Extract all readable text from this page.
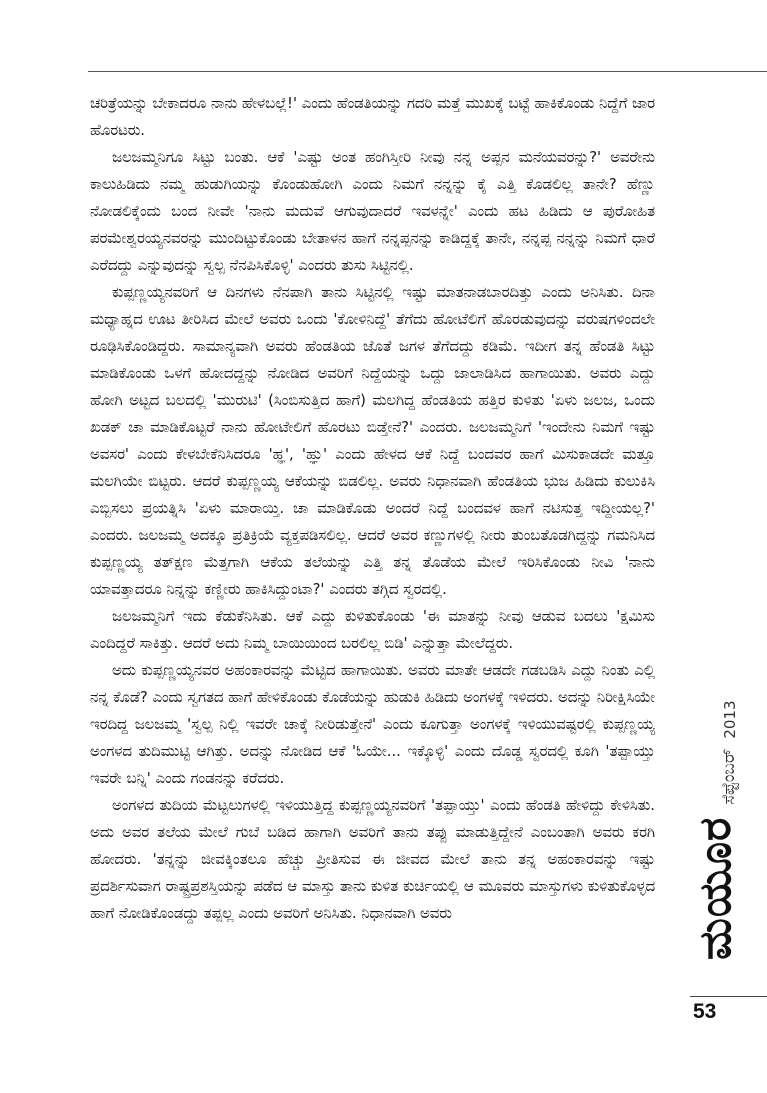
ಚರಿತ್ರೆಯನ್ನು ಬೇಕಾದರೂ ನಾನು ಹೇಳಬಲ್ಲೆ!' ಎಂದು ಹೆಂಡತಿಯನ್ನು ಗದರಿ ಮತ್ತೆ ಮುಖಕ್ಕೆ ಬಟ್ಟೆ ಹಾಕಿಕೊಂಡು ನಿದ್ದೆಗೆ ಜಾರ ಹೊರಟರು.

ಜಲಜಮ್ಮನಿಗೂ ಸಿಟ್ಟು ಬಂತು. ಆಕೆ 'ಎಷ್ಟು ಅಂತ ಹಂಗಿಸ್ತೀರಿ ನೀವು ನನ್ನ ಅಪ್ಪನ ಮನೆಯವರನ್ನು?' ಅವರೇನು ಕಾಲುಹಿಡಿದು ನಮ್ಮ ಹುಡುಗಿಯನ್ನು ಕೊಂಡುಹೋಗಿ ಎಂದು ನಿಮಗೆ ನನ್ನನ್ನು ಕೈ ಎತ್ತಿ ಕೊಡಲಿಲ್ಲ ತಾನೇ? ಹೆಣ್ಣು ನೋಡಲಿಕ್ಕೆಂದು ಬಂದ ನೀವೇ 'ನಾನು ಮದುವೆ ಆಗುವುದಾದರೆ ಇವಳನ್ನೇ' ಎಂದು ಹಟ ಹಿಡಿದು ಆ ಪುರೋಹಿತ ಪರಮೇಶ್ವರಯ್ಯನವರನ್ನು ಮುಂದಿಟ್ಟುಕೊಂಡು ಬೇತಾಳನ ಹಾಗೆ ನನ್ನಪ್ಪನನ್ನು ಕಾಡಿದ್ದಕ್ಕೆ ತಾನೇ, ನನ್ನಪ್ಪ ನನ್ನನ್ನು ನಿಮಗೆ ಧಾರೆ ಎರೆದದ್ದು ಎನ್ನುವುದನ್ನು ಸ್ವಲ್ಪ ನೆನಪಿಸಿಕೊಳ್ಳಿ' ಎಂದರು ತುಸು ಸಿಟ್ಟಿನಲ್ಲಿ.

ಕುಪ್ಪಣ್ಣಯ್ಯನವರಿಗೆ ಆ ದಿನಗಳು ನೆನಪಾಗಿ ತಾನು ಸಿಟ್ಟಿನಲ್ಲಿ ಇಷ್ಟು ಮಾತನಾಡಬಾರದಿತ್ತು ಎಂದು ಅನಿಸಿತು. ದಿನಾ ಮಧ್ಯಾಹ್ನದ ಊಟ ತೀರಿಸಿದ ಮೇಲೆ ಅವರು ಒಂದು 'ಕೋಳಿನಿದ್ದೆ' ತೆಗೆದು ಹೋಟೆಲಿಗೆ ಹೊರಡುವುದನ್ನು ವರುಷಗಳಿಂದಲೇ ರೂಢಿಸಿಕೊಂಡಿದ್ದರು. ಸಾಮಾನ್ಯವಾಗಿ ಅವರು ಹೆಂಡತಿಯ ಜೊತೆ ಜಗಳ ತೆಗೆದದ್ದು ಕಡಿಮೆ. ಇದೀಗ ತನ್ನ ಹೆಂಡತಿ ಸಿಟ್ಟು ಮಾಡಿಕೊಂಡು ಒಳಗೆ ಹೋದದ್ದನ್ನು ನೋಡಿದ ಅವರಿಗೆ ನಿದ್ದೆಯನ್ನು ಒದ್ದು ಜಾಲಾಡಿಸಿದ ಹಾಗಾಯಿತು. ಅವರು ಎದ್ದು ಹೋಗಿ ಅಟ್ಟದ ಬಲದಲ್ಲಿ 'ಮುರುಟಿ' (ಸಿಂಬಿಸುತ್ತಿದ ಹಾಗೆ) ಮಲಗಿದ್ದ ಹೆಂಡತಿಯ ಹತ್ತಿರ ಕುಳಿತು 'ಏಳು ಜಲಜ, ಒಂದು ಖಡಕ್ ಚಾ ಮಾಡಿಕೊಟ್ಟರೆ ನಾನು ಹೋಟೇಲಿಗೆ ಹೊರಟು ಬಿಡ್ತೇನೆ?' ಎಂದರು. ಜಲಜಮ್ಮನಿಗೆ 'ಇಂದೇನು ನಿಮಗೆ ಇಷ್ಟು ಅವಸರ' ಎಂದು ಕೇಳಬೇಕೆನಿಸಿದರೂ 'ಹ್ಞ', 'ಹ್ಞು' ಎಂದು ಹೇಳದ ಆಕೆ ನಿದ್ದೆ ಬಂದವರ ಹಾಗೆ ಮಿಸುಕಾಡದೇ ಮತ್ತೂ ಮಲಗಿಯೇ ಬಿಟ್ಟರು. ಆದರೆ ಕುಪ್ಪಣ್ಣಯ್ಯ ಆಕೆಯನ್ನು ಬಿಡಲಿಲ್ಲ. ಅವರು ನಿಧಾನವಾಗಿ ಹೆಂಡತಿಯ ಭುಜ ಹಿಡಿದು ಕುಲುಕಿಸಿ ಎಬ್ಬಿಸಲು ಪ್ರಯತ್ನಿಸಿ 'ಏಳು ಮಾರಾಯ್ತಿ. ಚಾ ಮಾಡಿಕೊಡು ಅಂದರೆ ನಿದ್ದೆ ಬಂದವಳ ಹಾಗೆ ನಟಿಸುತ್ತ ಇದ್ದೀಯಲ್ಲ?' ಎಂದರು. ಜಲಜಮ್ಮ ಅದಕ್ಕೂ ಪ್ರತಿಕ್ರಿಯೆ ವ್ಯಕ್ತಪಡಿಸಲಿಲ್ಲ. ಆದರೆ ಅವರ ಕಣ್ಣುಗಳಲ್ಲಿ ನೀರು ತುಂಬತೊಡಗಿದ್ದನ್ನು ಗಮನಿಸಿದ ಕುಪ್ಪಣ್ಣಯ್ಯ ತತ್‌ಕ್ಷಣ ಮೆತ್ತಗಾಗಿ ಆಕೆಯ ತಲೆಯನ್ನು ಎತ್ತಿ ತನ್ನ ತೊಡೆಯ ಮೇಲೆ ಇರಿಸಿಕೊಂಡು ನೀವಿ 'ನಾನು ಯಾವತ್ತಾದರೂ ನಿನ್ನನ್ನು ಕಣ್ಣೀರು ಹಾಕಿಸಿದ್ದುಂಟಾ?' ಎಂದರು ತಗ್ಗಿದ ಸ್ವರದಲ್ಲಿ.

ಜಲಜಮ್ಮನಿಗೆ ಇದು ಕೆಡುಕೆನಿಸಿತು. ಆಕೆ ಎದ್ದು ಕುಳಿತುಕೊಂಡು 'ಈ ಮಾತನ್ನು ನೀವು ಆಡುವ ಬದಲು 'ಕ್ಷಮಿಸು ಎಂದಿದ್ದರೆ ಸಾಕಿತ್ತು. ಆದರೆ ಅದು ನಿಮ್ಮ ಬಾಯಿಯಿಂದ ಬರಲಿಲ್ಲ ಬಿಡಿ' ಎನ್ನುತ್ತಾ ಮೇಲೆದ್ದರು.

ಅದು ಕುಪ್ಪಣ್ಣಯ್ಯನವರ ಅಹಂಕಾರವನ್ನು ಮೆಟ್ಟಿದ ಹಾಗಾಯಿತು. ಅವರು ಮಾತೇ ಆಡದೇ ಗಡಬಡಿಸಿ ಎದ್ದು ನಿಂತು ಎಲ್ಲಿ ನನ್ನ ಕೊಡೆ? ಎಂದು ಸ್ವಗತದ ಹಾಗೆ ಹೇಳಿಕೊಂಡು ಕೊಡೆಯನ್ನು ಹುಡುಕಿ ಹಿಡಿದು ಅಂಗಳಕ್ಕೆ ಇಳಿದರು. ಅದನ್ನು ನಿರೀಕ್ಷಿಸಿಯೇ ಇರದಿದ್ದ ಜಲಜಮ್ಮ 'ಸ್ವಲ್ಪ ನಿಲ್ಲಿ ಇವರೇ ಚಾಕ್ಕೆ ನೀರಿಡುತ್ತೇನೆ' ಎಂದು ಕೂಗುತ್ತಾ ಅಂಗಳಕ್ಕೆ ಇಳಿಯುವಷ್ಟರಲ್ಲಿ ಕುಪ್ಪಣ್ಣಯ್ಯ ಅಂಗಳದ ತುದಿಮುಟ್ಟಿ ಆಗಿತ್ತು. ಅದನ್ನು ನೋಡಿದ ಆಕೆ 'ಓಯೇ... ಇಕ್ಕೊಳ್ಳಿ' ಎಂದು ದೊಡ್ಡ ಸ್ವರದಲ್ಲಿ ಕೂಗಿ 'ತಪ್ಪಾಯ್ತು ಇವರೇ ಬನ್ನಿ' ಎಂದು ಗಂಡನನ್ನು ಕರೆದರು.

ಅಂಗಳದ ತುದಿಯ ಮೆಟ್ಟಲುಗಳಲ್ಲಿ ಇಳಿಯುತ್ತಿದ್ದ ಕುಪ್ಪಣ್ಣಯ್ಯನವರಿಗೆ 'ತಪ್ಪಾಯ್ತು' ಎಂದು ಹೆಂಡತಿ ಹೇಳಿದ್ದು ಕೇಳಿಸಿತು. ಅದು ಅವರ ತಲೆಯ ಮೇಲೆ ಗುಬೆ ಬಡಿದ ಹಾಗಾಗಿ ಅವರಿಗೆ ತಾನು ತಪ್ಪು ಮಾಡುತ್ತಿದ್ದೇನೆ ಎಂಬಂತಾಗಿ ಅವರು ಕರಗಿ ಹೋದರು. 'ತನ್ನನ್ನು ಜೀವಕ್ಕಿಂತಲೂ ಹೆಚ್ಚು ಪ್ರೀತಿಸುವ ಈ ಜೀವದ ಮೇಲೆ ತಾನು ತನ್ನ ಅಹಂಕಾರವನ್ನು ಇಷ್ಟು ಪ್ರದರ್ಶಿಸುವಾಗ ರಾಷ್ಟ್ರಪ್ರಶಸ್ತಿಯನ್ನು ಪಡೆದ ಆ ಮಾಸ್ತು ತಾನು ಕುಳಿತ ಕುರ್ಚಿಯಲ್ಲಿ ಆ ಮೂವರು ಮಾಸ್ತುಗಳು ಕುಳಿತುಕೊಳ್ಳದ ಹಾಗೆ ನೋಡಿಕೊಂಡದ್ದು ತಪ್ಪಲ್ಲ ಎಂದು ಅವರಿಗೆ ಅನಿಸಿತು. ನಿಧಾನವಾಗಿ ಅವರು	ಮಯೂರ
ಸೆಪ್ಟೆಂಬರ್
2013
53
